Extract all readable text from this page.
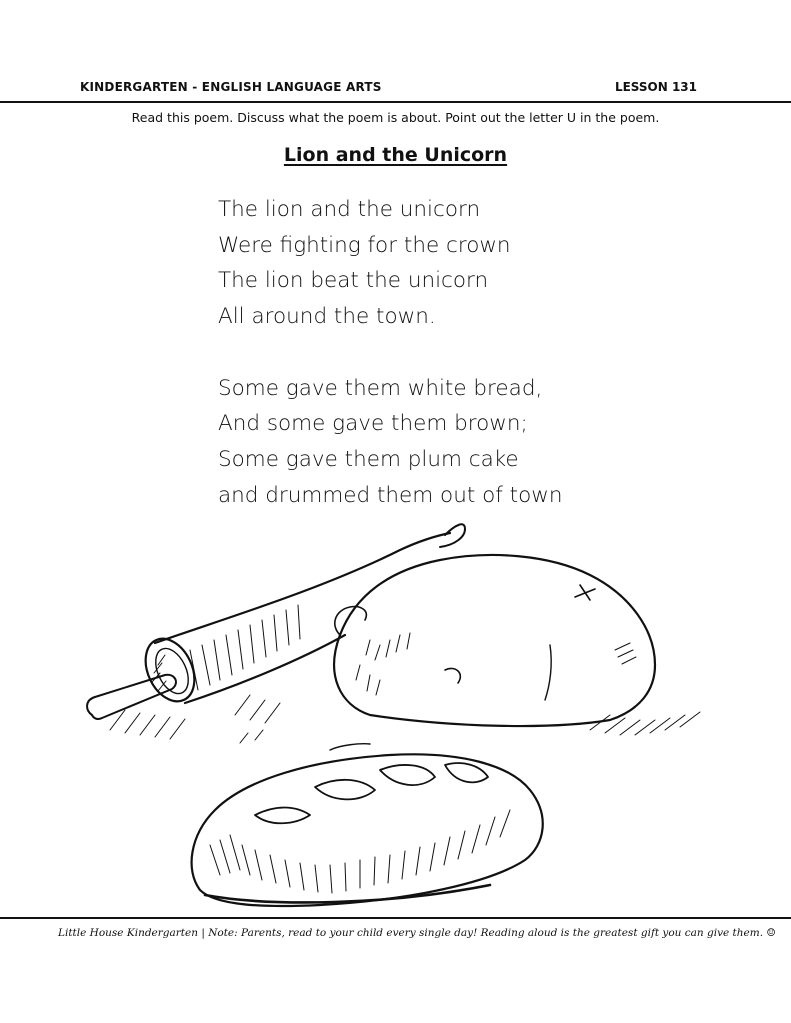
KINDERGARTEN - ENGLISH LANGUAGE ARTS	LESSON 131
Read this poem. Discuss what the poem is about. Point out the letter U in the poem.
Lion and the Unicorn
The lion and the unicorn
Were fighting for the crown
The lion beat the unicorn
All around the town.
Some gave them white bread,
And some gave them brown;
Some gave them plum cake
and drummed them out of town
Little House Kindergarten | Note: Parents, read to your child every single day! Reading aloud is the greatest gift you can give them. ☺
